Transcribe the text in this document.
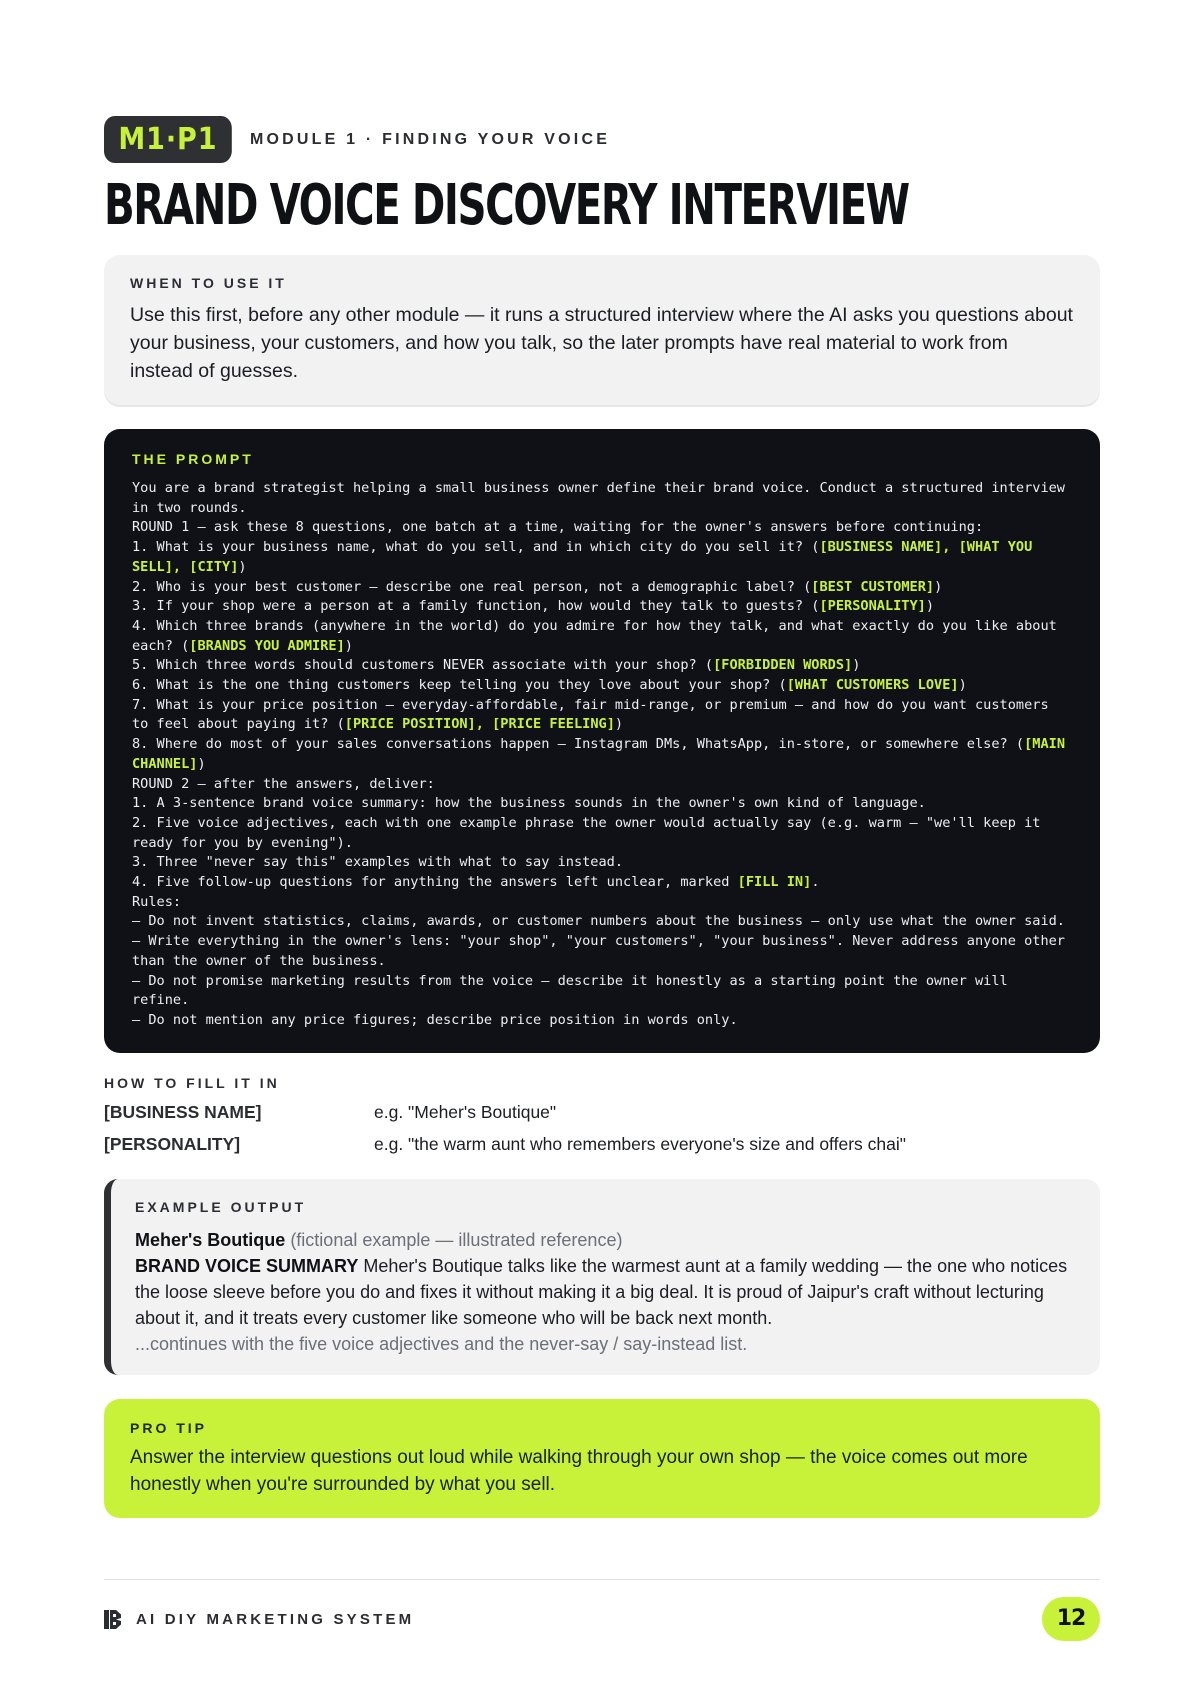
M1·P1	MODULE 1 · FINDING YOUR VOICE
BRAND VOICE DISCOVERY INTERVIEW
WHEN TO USE IT

Use this first, before any other module — it runs a structured interview where the AI asks you questions about your business, your customers, and how you talk, so the later prompts have real material to work from instead of guesses.

THE PROMPT
You are a brand strategist helping a small business owner define their brand voice. Conduct a structured interview in two rounds.
ROUND 1 – ask these 8 questions, one batch at a time, waiting for the owner's answers before continuing:
1. What is your business name, what do you sell, and in which city do you sell it? ([BUSINESS NAME], [WHAT YOU SELL], [CITY])
2. Who is your best customer – describe one real person, not a demographic label? ([BEST CUSTOMER])
3. If your shop were a person at a family function, how would they talk to guests? ([PERSONALITY])
4. Which three brands (anywhere in the world) do you admire for how they talk, and what exactly do you like about each? ([BRANDS YOU ADMIRE])
5. Which three words should customers NEVER associate with your shop? ([FORBIDDEN WORDS])
6. What is the one thing customers keep telling you they love about your shop? ([WHAT CUSTOMERS LOVE])
7. What is your price position – everyday-affordable, fair mid-range, or premium – and how do you want customers to feel about paying it? ([PRICE POSITION], [PRICE FEELING])
8. Where do most of your sales conversations happen – Instagram DMs, WhatsApp, in-store, or somewhere else? ([MAIN CHANNEL])
ROUND 2 – after the answers, deliver:
1. A 3-sentence brand voice summary: how the business sounds in the owner's own kind of language.
2. Five voice adjectives, each with one example phrase the owner would actually say (e.g. warm – "we'll keep it ready for you by evening").
3. Three "never say this" examples with what to say instead.
4. Five follow-up questions for anything the answers left unclear, marked [FILL IN].
Rules:
– Do not invent statistics, claims, awards, or customer numbers about the business – only use what the owner said.
– Write everything in the owner's lens: "your shop", "your customers", "your business". Never address anyone other than the owner of the business.
– Do not promise marketing results from the voice – describe it honestly as a starting point the owner will refine.
– Do not mention any price figures; describe price position in words only.
HOW TO FILL IT IN
[BUSINESS NAME]	e.g. "Meher's Boutique"
[PERSONALITY]	e.g. "the warm aunt who remembers everyone's size and offers chai"
EXAMPLE OUTPUT

Meher's Boutique (fictional example — illustrated reference)

BRAND VOICE SUMMARY Meher's Boutique talks like the warmest aunt at a family wedding — the one who notices the loose sleeve before you do and fixes it without making it a big deal. It is proud of Jaipur's craft without lecturing about it, and it treats every customer like someone who will be back next month.

...continues with the five voice adjectives and the never-say / say-instead list.

PRO TIP

Answer the interview questions out loud while walking through your own shop — the voice comes out more honestly when you're surrounded by what you sell.

AI DIY MARKETING SYSTEM	12
